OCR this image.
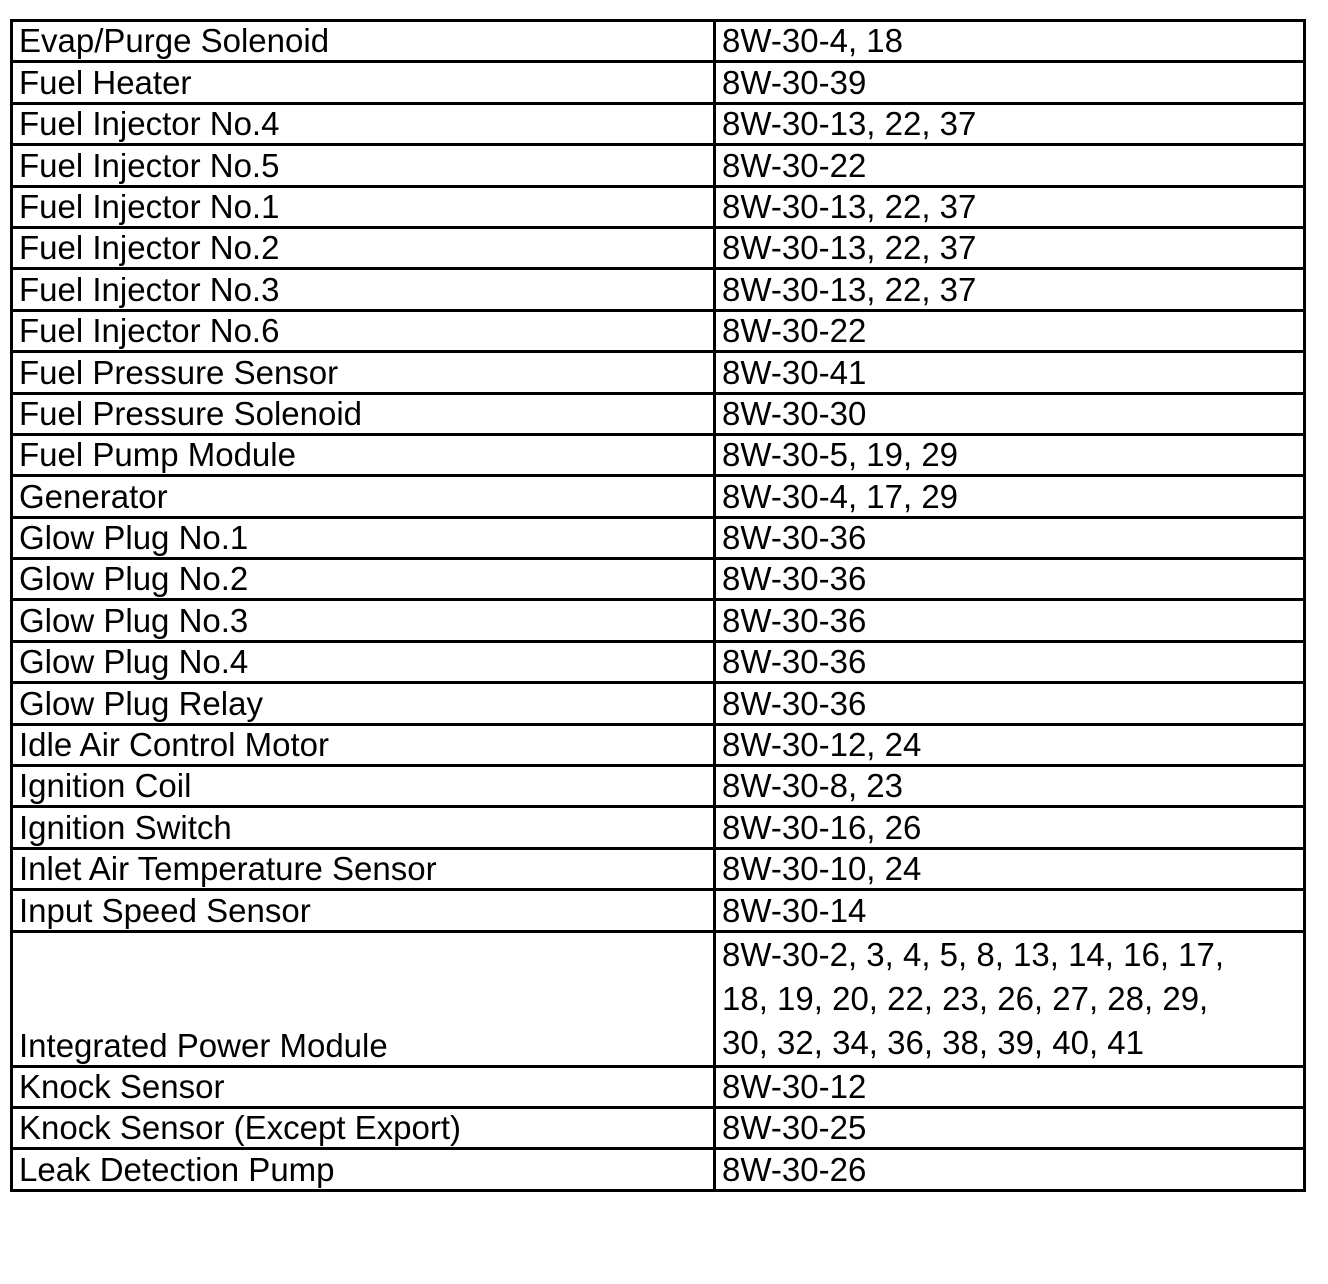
Evap/Purge Solenoid	8W-30-4, 18
Fuel Heater	8W-30-39
Fuel Injector No.4	8W-30-13, 22, 37
Fuel Injector No.5	8W-30-22
Fuel Injector No.1	8W-30-13, 22, 37
Fuel Injector No.2	8W-30-13, 22, 37
Fuel Injector No.3	8W-30-13, 22, 37
Fuel Injector No.6	8W-30-22
Fuel Pressure Sensor	8W-30-41
Fuel Pressure Solenoid	8W-30-30
Fuel Pump Module	8W-30-5, 19, 29
Generator	8W-30-4, 17, 29
Glow Plug No.1	8W-30-36
Glow Plug No.2	8W-30-36
Glow Plug No.3	8W-30-36
Glow Plug No.4	8W-30-36
Glow Plug Relay	8W-30-36
Idle Air Control Motor	8W-30-12, 24
Ignition Coil	8W-30-8, 23
Ignition Switch	8W-30-16, 26
Inlet Air Temperature Sensor	8W-30-10, 24
Input Speed Sensor	8W-30-14
Integrated Power Module	8W-30-2, 3, 4, 5, 8, 13, 14, 16, 17,
18, 19, 20, 22, 23, 26, 27, 28, 29,
30, 32, 34, 36, 38, 39, 40, 41
Knock Sensor	8W-30-12
Knock Sensor (Except Export)	8W-30-25
Leak Detection Pump	8W-30-26
